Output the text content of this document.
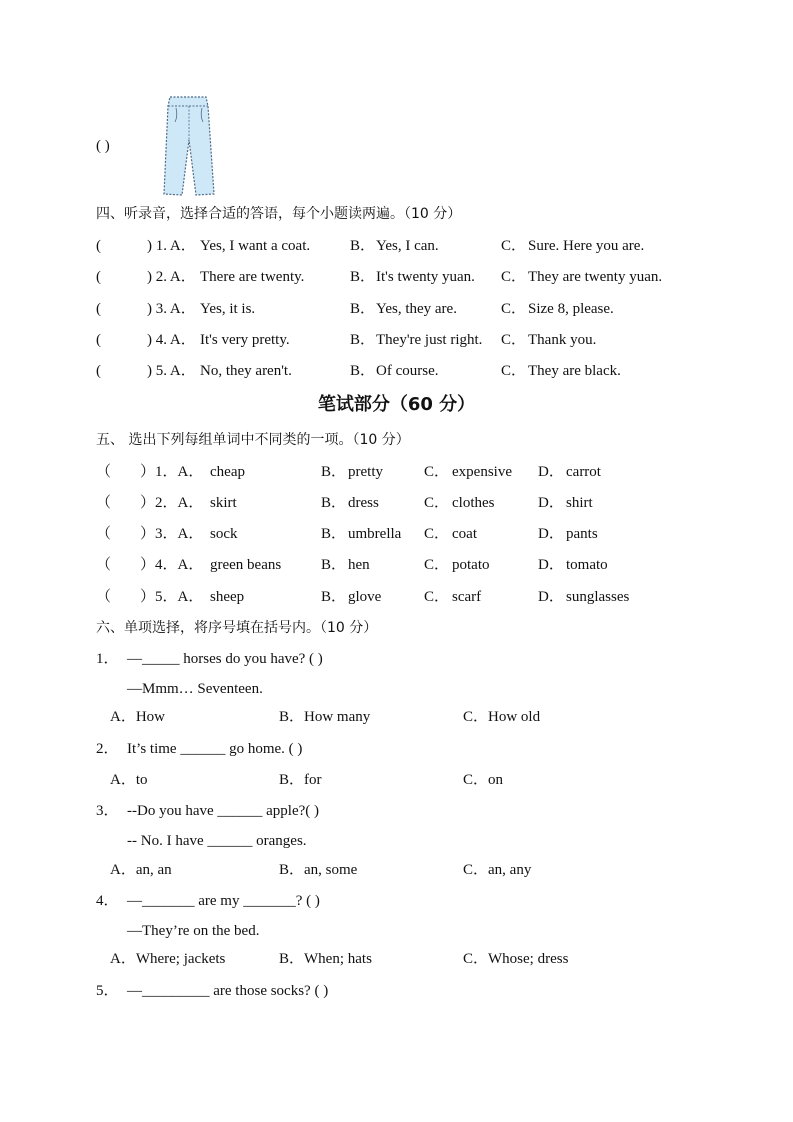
( )
四、听录音，选择合适的答语，每个小题读两遍。（10 分）
(	) 1. A． Yes, I want a coat.	B． Yes, I can.	C． Sure. Here you are.
(	) 2. A． There are twenty.	B． It's twenty yuan. C． They are twenty yuan.
(	) 3. A． Yes, it is.	B． Yes, they are.	C． Size 8, please.
(	) 4. A． It's very pretty.	B． They're just right. C． Thank you.
(	) 5. A． No, they aren't.	B． Of course.	C． They are black.
笔试部分（60 分）
五、 选出下列每组单词中不同类的一项。（10 分）
（ ）1．A． cheap	B． pretty	C． expensive D． carrot
（ ）2．A． skirt	B． dress	C． clothes	D． shirt
（ ）3．A． sock	B． umbrella C． coat	D． pants
（ ）4．A． green beans	B． hen	C． potato	D． tomato
（ ）5．A． sheep	B． glove	C． scarf	D． sunglasses
六、单项选择，将序号填在括号内。（10 分）
1． —_____ horses do you have? ( )
—Mmm… Seventeen.
A．How	B．How many	C．How old
2． It’s time ______ go home. ( )
A．to	B．for	C．on
3． --Do you have ______ apple?( )
-- No. I have ______ oranges.
A．an, an	B．an, some	C．an, any
4． —_______ are my _______? ( )
—They’re on the bed.
A．Where; jackets	B．When; hats	C．Whose; dress
5． —_________ are those socks? ( )
